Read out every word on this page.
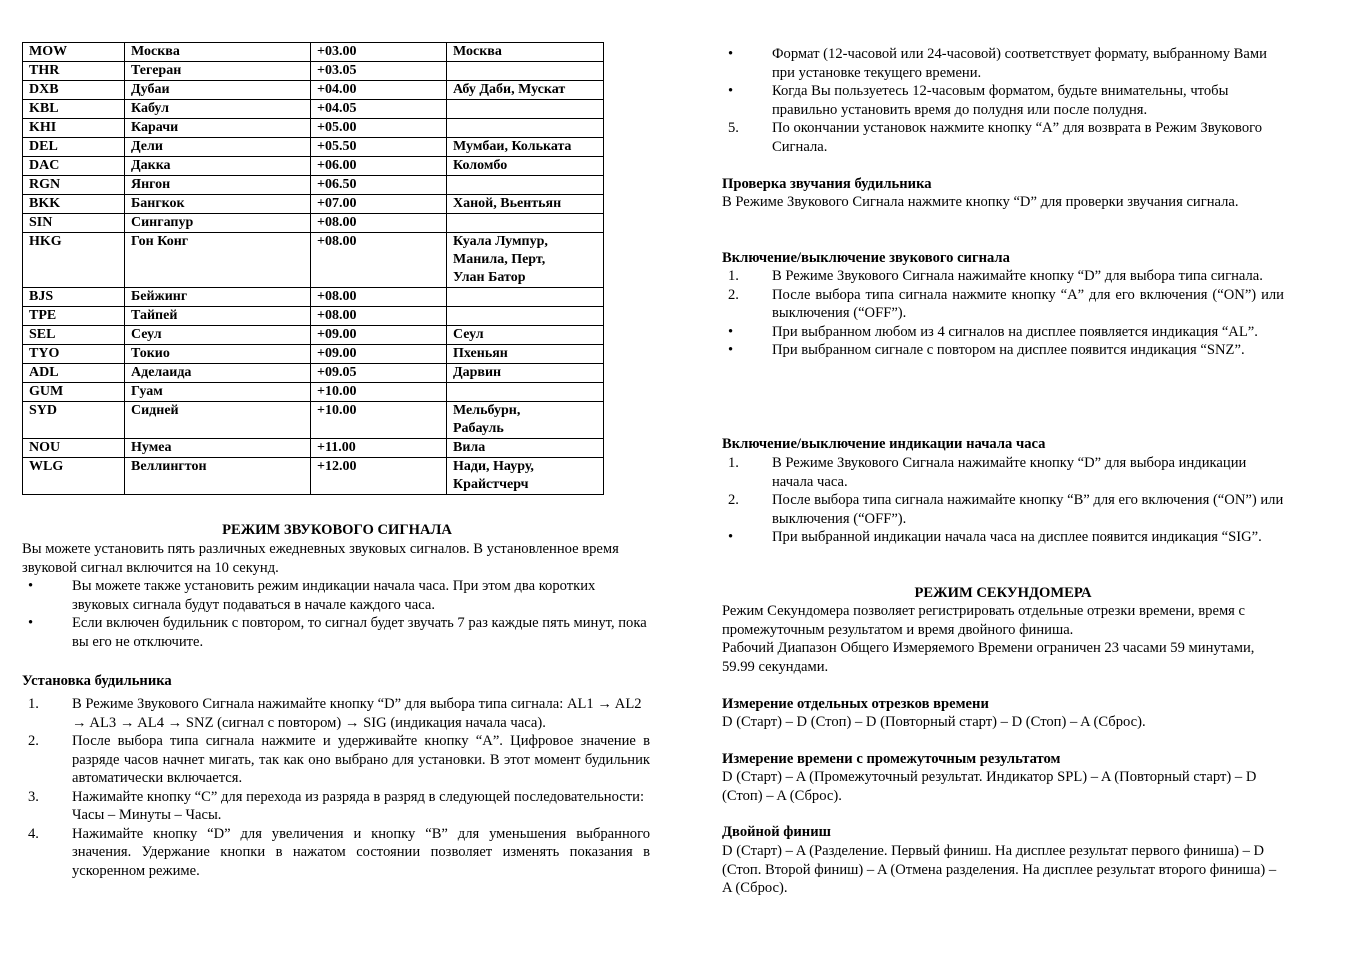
MOW	Москва	+03.00	Москва
THR	Тегеран	+03.05	
DXB	Дубаи	+04.00	Абу Даби, Мускат
KBL	Кабул	+04.05	
KHI	Карачи	+05.00	
DEL	Дели	+05.50	Мумбаи, Колькатa
DAC	Дакка	+06.00	Коломбо
RGN	Янгон	+06.50	
BKK	Бангкок	+07.00	Ханой, Вьентьян
SIN	Сингапур	+08.00	
HKG	Гон Конг	+08.00	Куала Лумпур,
Манила, Перт,
Улан Батор
BJS	Бейжинг	+08.00	
TPE	Тайпей	+08.00	
SEL	Сеул	+09.00	Сеул
TYO	Токио	+09.00	Пхеньян
ADL	Аделаида	+09.05	Дарвин
GUM	Гуам	+10.00	
SYD	Сидней	+10.00	Мельбурн,
Рабауль
NOU	Нумеа	+11.00	Вила
WLG	Веллингтон	+12.00	Нади, Науру,
Крайстчерч
РЕЖИМ ЗВУКОВОГО СИГНАЛА
Вы можете установить пять различных ежедневных звуковых сигналов. В установленное время звуковой сигнал включится на 10 секунд.
•	Вы можете также установить режим индикации начала часа. При этом два коротких звуковых сигнала будут подаваться в начале каждого часа.
•	Если включен будильник с повтором, то сигнал будет звучать 7 раз каждые пять минут, пока вы его не отключите.
Установка будильника
1. В Режиме Звукового Сигнала нажимайте кнопку “D” для выбора типа сигнала: AL1 → AL2 → AL3 → AL4 → SNZ (сигнал с повтором) → SIG (индикация начала часа).
2. После выбора типа сигнала нажмите и удерживайте кнопку “A”. Цифровое значение в разряде часов начнет мигать, так как оно выбрано для установки. В этот момент будильник автоматически включается.
3. Нажимайте кнопку “C” для перехода из разряда в разряд в следующей последовательности: Часы – Минуты – Часы.
4. Нажимайте кнопку “D” для увеличения и кнопку “B” для уменьшения выбранного значения. Удержание кнопки в нажатом состоянии позволяет изменять показания в ускоренном режиме.
•	Формат (12-часовой или 24-часовой) соответствует формату, выбранному Вами при установке текущего времени.
•	Когда Вы пользуетесь 12-часовым форматом, будьте внимательны, чтобы правильно установить время до полудня или после полудня.
5. По окончании установок нажмите кнопку “A” для возврата в Режим Звукового Сигнала.
Проверка звучания будильника
В Режиме Звукового Сигнала нажмите кнопку “D” для проверки звучания сигнала.
Включение/выключение звукового сигнала
1. В Режиме Звукового Сигнала нажимайте кнопку “D” для выбора типа сигнала.
2. После выбора типа сигнала нажмите кнопку “A” для его включения (“ON”) или выключения (“OFF”).
•	При выбранном любом из 4 сигналов на дисплее появляется индикация “AL”.
•	При выбранном сигнале с повтором на дисплее появится индикация “SNZ”.
Включение/выключение индикации начала часа
1. В Режиме Звукового Сигнала нажимайте кнопку “D” для выбора индикации начала часа.
2. После выбора типа сигнала нажимайте кнопку “B” для его включения (“ON”) или выключения (“OFF”).
•	При выбранной индикации начала часа на дисплее появится индикация “SIG”.
РЕЖИМ СЕКУНДОМЕРА
Режим Секундомера позволяет регистрировать отдельные отрезки времени, время с промежуточным результатом и время двойного финиша.
Рабочий Диапазон Общего Измеряемого Времени ограничен 23 часами 59 минутами, 59.99 секундами.
Измерение отдельных отрезков времени
D (Старт) – D (Стоп) – D (Повторный старт) – D (Стоп) – A (Сброс).
Измерение времени с промежуточным результатом
D (Старт) – A (Промежуточный результат. Индикатор SPL) – A (Повторный старт) – D (Стоп) – A (Сброс).
Двойной финиш
D (Старт) – A (Разделение. Первый финиш. На дисплее результат первого финиша) – D (Стоп. Второй финиш) – A (Отмена разделения. На дисплее результат второго финиша) – A (Сброс).
